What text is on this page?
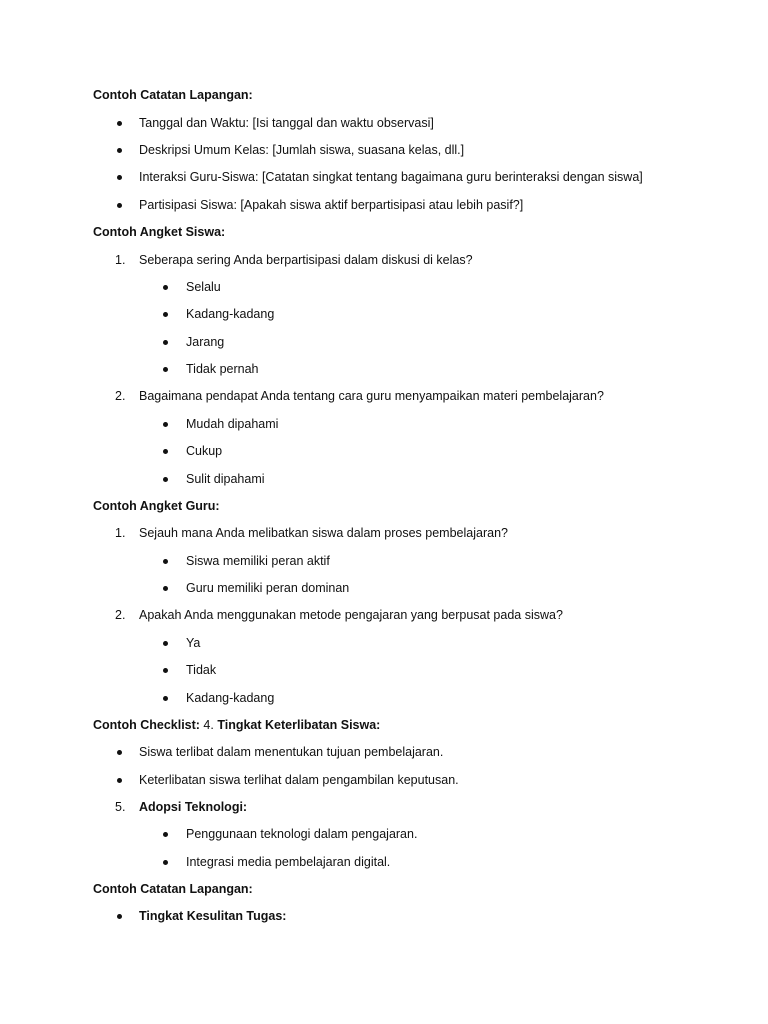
Contoh Catatan Lapangan:
Tanggal dan Waktu: [Isi tanggal dan waktu observasi]
Deskripsi Umum Kelas: [Jumlah siswa, suasana kelas, dll.]
Interaksi Guru-Siswa: [Catatan singkat tentang bagaimana guru berinteraksi dengan siswa]
Partisipasi Siswa: [Apakah siswa aktif berpartisipasi atau lebih pasif?]
Contoh Angket Siswa:
1. Seberapa sering Anda berpartisipasi dalam diskusi di kelas?
Selalu
Kadang-kadang
Jarang
Tidak pernah
2. Bagaimana pendapat Anda tentang cara guru menyampaikan materi pembelajaran?
Mudah dipahami
Cukup
Sulit dipahami
Contoh Angket Guru:
1. Sejauh mana Anda melibatkan siswa dalam proses pembelajaran?
Siswa memiliki peran aktif
Guru memiliki peran dominan
2. Apakah Anda menggunakan metode pengajaran yang berpusat pada siswa?
Ya
Tidak
Kadang-kadang
Contoh Checklist: 4. Tingkat Keterlibatan Siswa:
Siswa terlibat dalam menentukan tujuan pembelajaran.
Keterlibatan siswa terlihat dalam pengambilan keputusan.
5. Adopsi Teknologi:
Penggunaan teknologi dalam pengajaran.
Integrasi media pembelajaran digital.
Contoh Catatan Lapangan:
Tingkat Kesulitan Tugas:
